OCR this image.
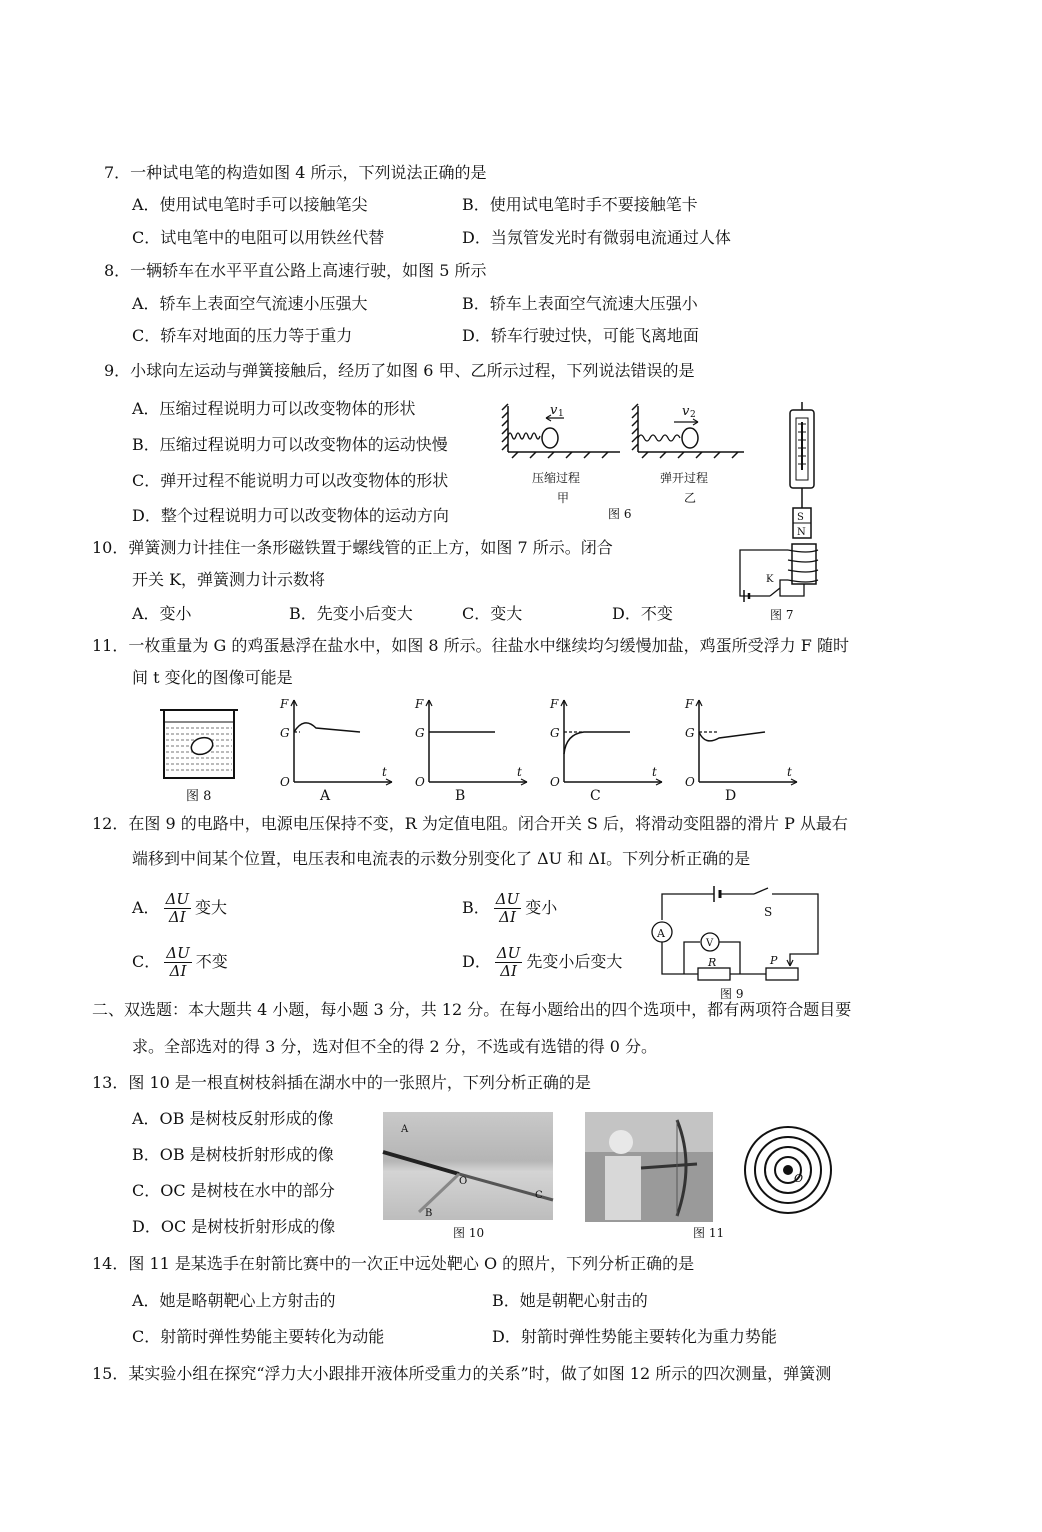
7．一种试电笔的构造如图 4 所示，下列说法正确的是
A．使用试电笔时手可以接触笔尖	B．使用试电笔时手不要接触笔卡
C．试电笔中的电阻可以用铁丝代替	D．当氖管发光时有微弱电流通过人体
8．一辆轿车在水平平直公路上高速行驶，如图 5 所示
A．轿车上表面空气流速小压强大	B．轿车上表面空气流速大压强小
C．轿车对地面的压力等于重力	D．轿车行驶过快，可能飞离地面
9．小球向左运动与弹簧接触后，经历了如图 6 甲、乙所示过程，下列说法错误的是
A．压缩过程说明力可以改变物体的形状
B．压缩过程说明力可以改变物体的运动快慢
C．弹开过程不能说明力可以改变物体的形状
D．整个过程说明力可以改变物体的运动方向
v 1	v 2
压缩过程
甲
弹开过程
乙
图 6
10．弹簧测力计挂住一条形磁铁置于螺线管的正上方，如图 7 所示。闭合
开关 K，弹簧测力计示数将
A．变小	B．先变小后变大	C．变大	D．不变
S
N
K
图 7
11．一枚重量为 G 的鸡蛋悬浮在盐水中，如图 8 所示。往盐水中继续均匀缓慢加盐，鸡蛋所受浮力 F 随时
间 t 变化的图像可能是
图 8
F
G
O
t
A
F
G
O
t
B
F
G
O
t
C
F
G
O
t
D
12．在图 9 的电路中，电源电压保持不变，R 为定值电阻。闭合开关 S 后，将滑动变阻器的滑片 P 从最右
端移到中间某个位置，电压表和电流表的示数分别变化了 ΔU 和 ΔI。下列分析正确的是
A． $\frac{\Delta U}{\Delta I}$ 变大	B． $\frac{\Delta U}{\Delta I}$ 变小
C． $\frac{\Delta U}{\Delta I}$ 不变	D． $\frac{\Delta U}{\Delta I}$ 先变小后变大
S
A
R
V
P
图 9
二、双选题：本大题共 4 小题，每小题 3 分，共 12 分。在每小题给出的四个选项中，都有两项符合题目要
求。全部选对的得 3 分，选对但不全的得 2 分，不选或有选错的得 0 分。
13．图 10 是一根直树枝斜插在湖水中的一张照片，下列分析正确的是
A．OB 是树枝反射形成的像
B．OB 是树枝折射形成的像
C．OC 是树枝在水中的部分
D．OC 是树枝折射形成的像
A
O
B
C
图 10	图 11
O
14．图 11 是某选手在射箭比赛中的一次正中远处靶心 O 的照片，下列分析正确的是
A．她是略朝靶心上方射击的	B．她是朝靶心射击的
C．射箭时弹性势能主要转化为动能	D．射箭时弹性势能主要转化为重力势能
15．某实验小组在探究“浮力大小跟排开液体所受重力的关系”时，做了如图 12 所示的四次测量，弹簧测
